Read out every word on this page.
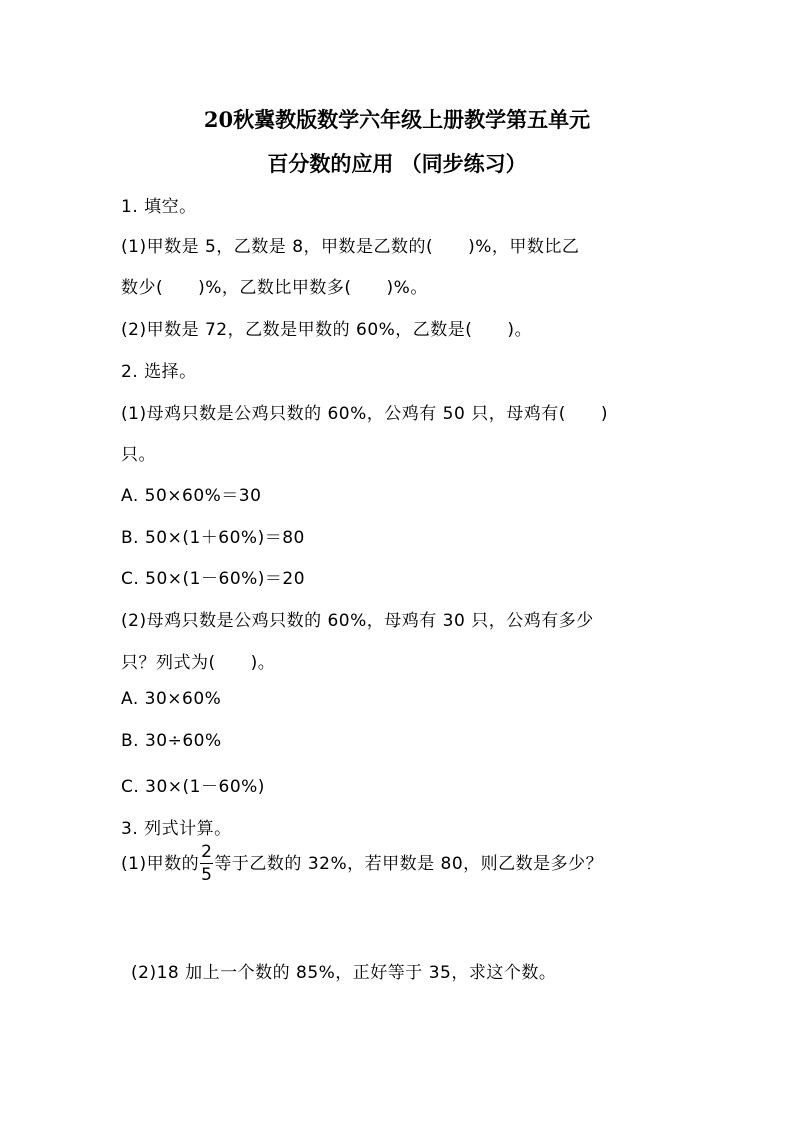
20秋冀教版数学六年级上册教学第五单元
百分数的应用 （同步练习）

1. 填空。

(1)甲数是 5，乙数是 8，甲数是乙数的(　　)%，甲数比乙

数少(　　)%，乙数比甲数多(　　)%。

(2)甲数是 72，乙数是甲数的 60%，乙数是(　　)。

2. 选择。

(1)母鸡只数是公鸡只数的 60%，公鸡有 50 只，母鸡有(　　)

只。

A. 50×60%＝30

B. 50×(1＋60%)＝80

C. 50×(1－60%)＝20

(2)母鸡只数是公鸡只数的 60%，母鸡有 30 只，公鸡有多少

只？列式为(　　)。

A. 30×60%

B. 30÷60%

C. 30×(1－60%)

3. 列式计算。

(1)甲数的 $\frac{2}{5}$ 等于乙数的 32%，若甲数是 80，则乙数是多少？

(2)18 加上一个数的 85%，正好等于 35，求这个数。
